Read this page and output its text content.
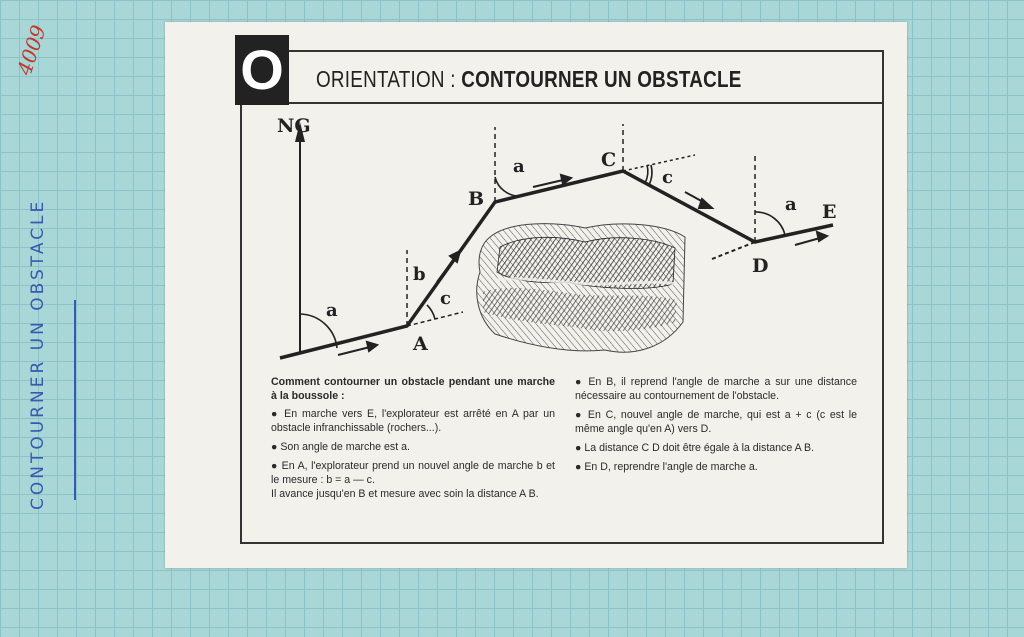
4009
CONTOURNER UN OBSTACLE
O ORIENTATION : CONTOURNER UN OBSTACLE
NG
a
b
c
A
B
a	C
c
a E
D

Comment contourner un obstacle pendant une marche à la boussole :

● En marche vers E, l'explorateur est arrêté en A par un obstacle infranchissable (rochers...).

● Son angle de marche est a.

● En A, l'explorateur prend un nouvel angle de marche b et le mesure : b = a — c.

Il avance jusqu'en B et mesure avec soin la distance A B.

● En B, il reprend l'angle de marche a sur une distance nécessaire au contournement de l'obstacle.

● En C, nouvel angle de marche, qui est a + c (c est le même angle qu'en A) vers D.

● La distance C D doit être égale à la distance A B.

● En D, reprendre l'angle de marche a.
